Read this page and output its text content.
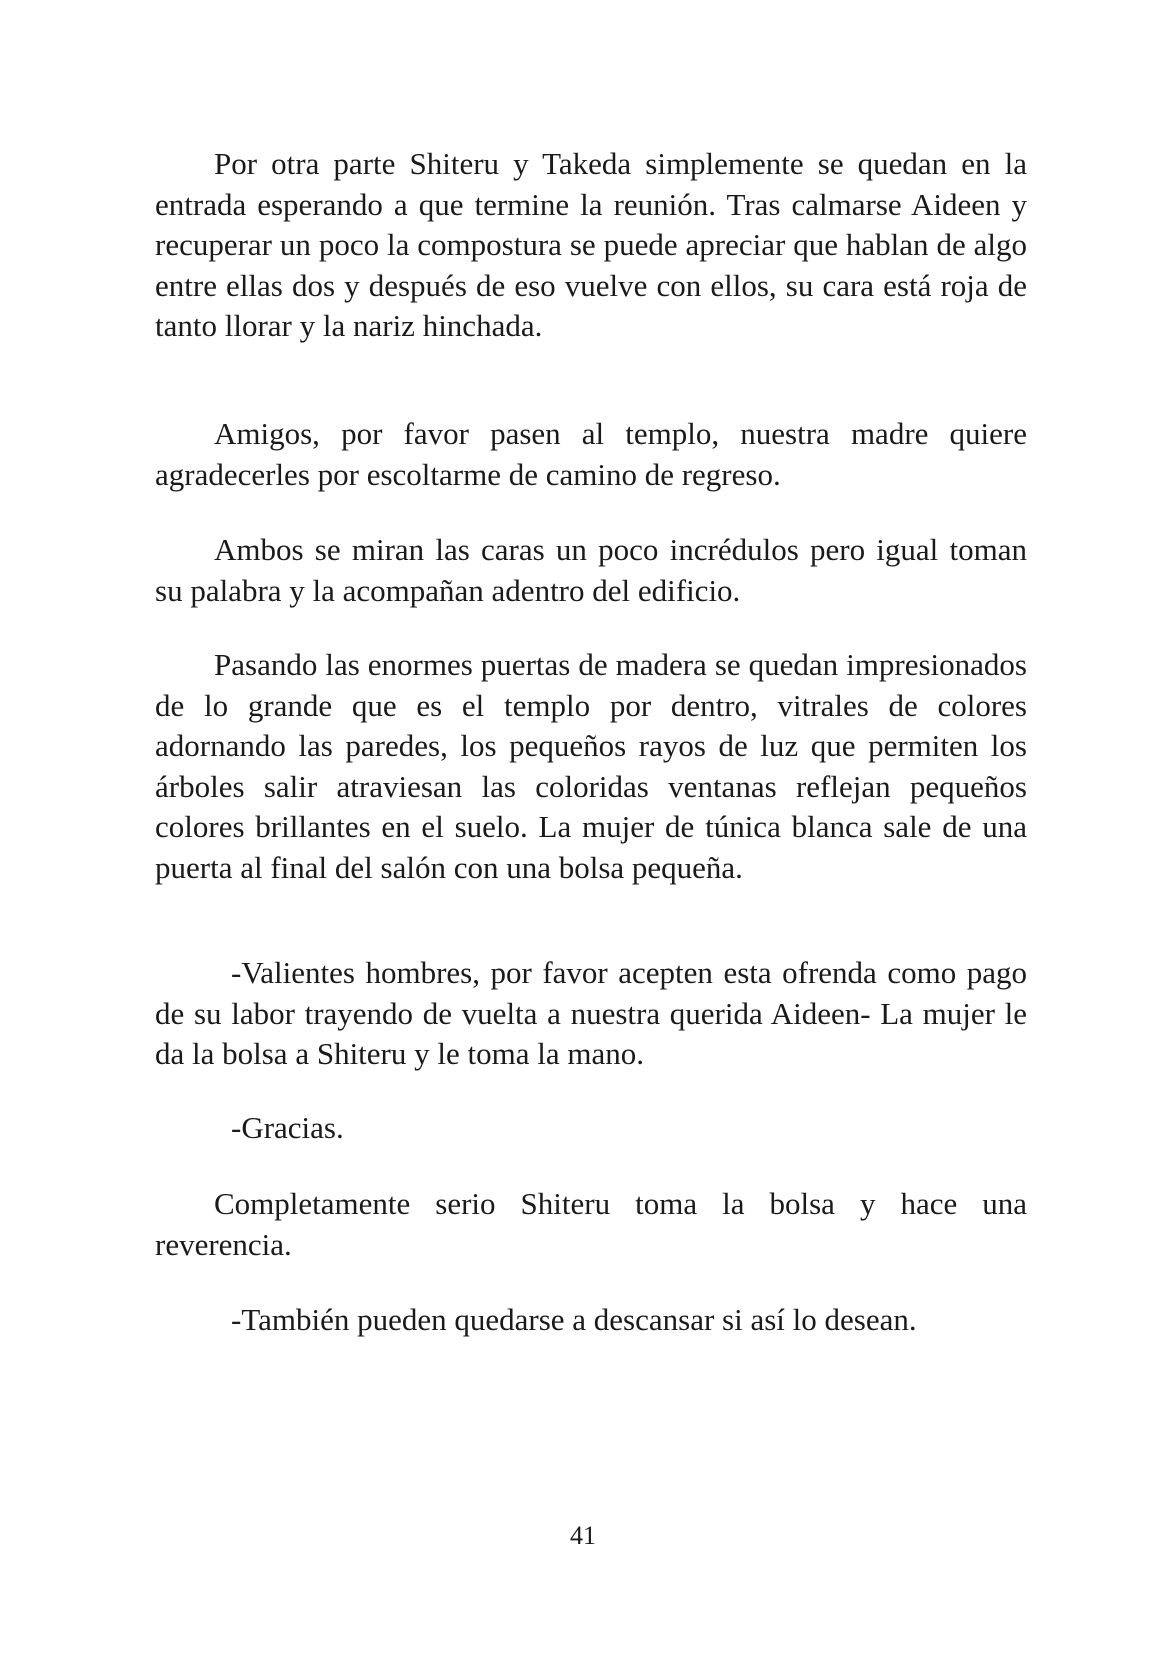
Por otra parte Shiteru y Takeda simplemente se quedan en la entrada esperando a que termine la reunión. Tras calmarse Aideen y recuperar un poco la compostura se puede apreciar que hablan de algo entre ellas dos y después de eso vuelve con ellos, su cara está roja de tanto llorar y la nariz hinchada.

Amigos, por favor pasen al templo, nuestra madre quiere agradecerles por escoltarme de camino de regreso.

Ambos se miran las caras un poco incrédulos pero igual toman su palabra y la acompañan adentro del edificio.

Pasando las enormes puertas de madera se quedan impresionados de lo grande que es el templo por dentro, vitrales de colores adornando las paredes, los pequeños rayos de luz que permiten los árboles salir atraviesan las coloridas ventanas reflejan pequeños colores brillantes en el suelo. La mujer de túnica blanca sale de una puerta al final del salón con una bolsa pequeña.

-Valientes hombres, por favor acepten esta ofrenda como pago de su labor trayendo de vuelta a nuestra querida Aideen- La mujer le da la bolsa a Shiteru y le toma la mano.

-Gracias.

Completamente serio Shiteru toma la bolsa y hace una reverencia.

-También pueden quedarse a descansar si así lo desean.

41
